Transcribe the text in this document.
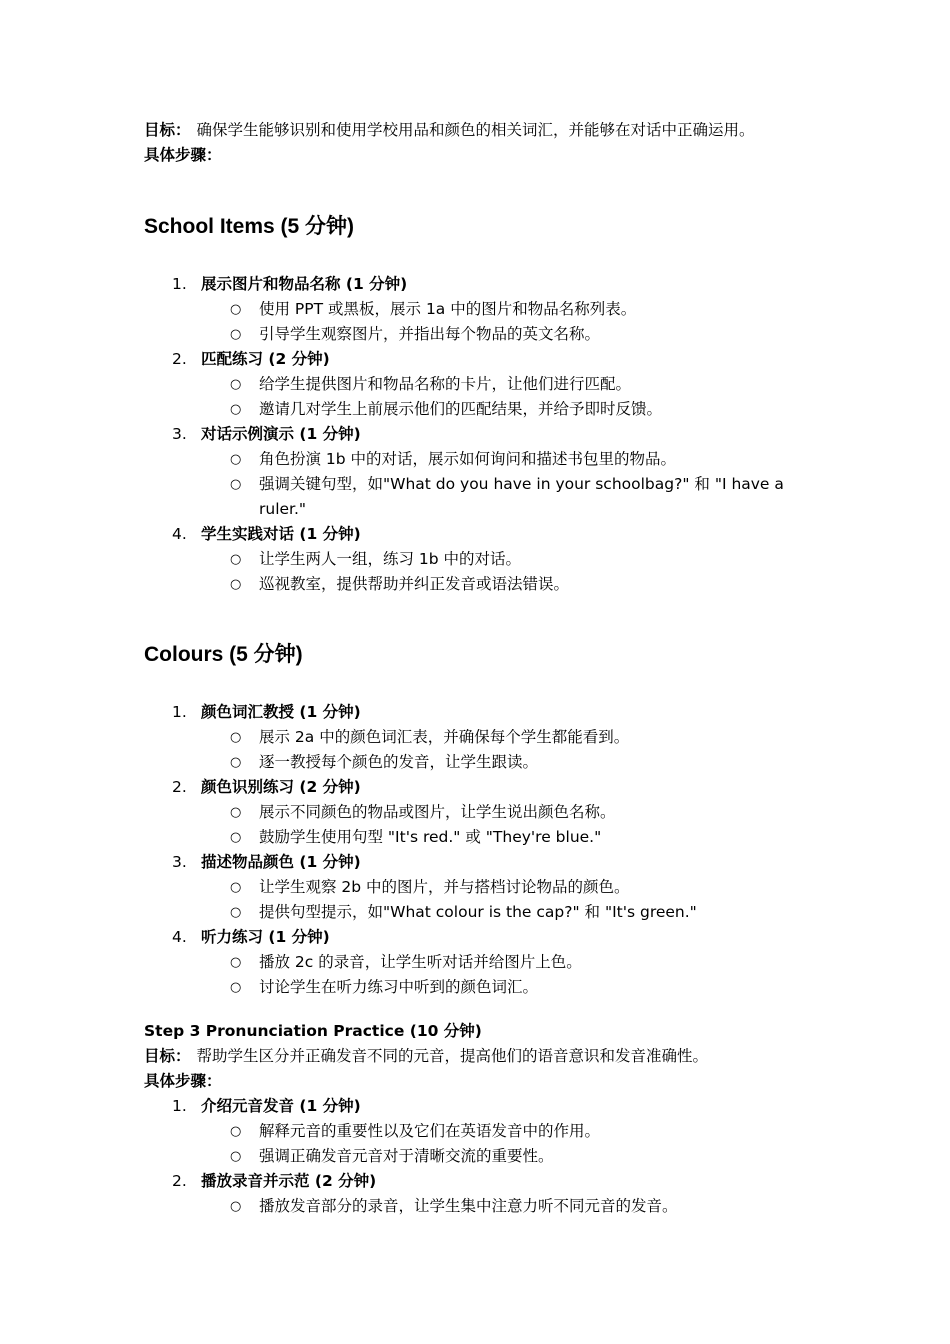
目标： 确保学生能够识别和使用学校用品和颜色的相关词汇，并能够在对话中正确运用。

具体步骤：

School Items (5 分钟)
1. 展示图片和物品名称 (1 分钟)
○ 使用 PPT 或黑板，展示 1a 中的图片和物品名称列表。
○ 引导学生观察图片，并指出每个物品的英文名称。
2. 匹配练习 (2 分钟)
○ 给学生提供图片和物品名称的卡片，让他们进行匹配。
○ 邀请几对学生上前展示他们的匹配结果，并给予即时反馈。
3. 对话示例演示 (1 分钟)
○ 角色扮演 1b 中的对话，展示如何询问和描述书包里的物品。
○ 强调关键句型，如"What do you have in your schoolbag?" 和 "I have a ruler."
4. 学生实践对话 (1 分钟)
○ 让学生两人一组，练习 1b 中的对话。
○ 巡视教室，提供帮助并纠正发音或语法错误。
Colours (5 分钟)
1. 颜色词汇教授 (1 分钟)
○ 展示 2a 中的颜色词汇表，并确保每个学生都能看到。
○ 逐一教授每个颜色的发音，让学生跟读。
2. 颜色识别练习 (2 分钟)
○ 展示不同颜色的物品或图片，让学生说出颜色名称。
○ 鼓励学生使用句型 "It's red." 或 "They're blue."
3. 描述物品颜色 (1 分钟)
○ 让学生观察 2b 中的图片，并与搭档讨论物品的颜色。
○ 提供句型提示，如"What colour is the cap?" 和 "It's green."
4. 听力练习 (1 分钟)
○ 播放 2c 的录音，让学生听对话并给图片上色。
○ 讨论学生在听力练习中听到的颜色词汇。

Step 3 Pronunciation Practice (10 分钟)

目标： 帮助学生区分并正确发音不同的元音，提高他们的语音意识和发音准确性。

具体步骤：

1. 介绍元音发音 (1 分钟)
○ 解释元音的重要性以及它们在英语发音中的作用。
○ 强调正确发音元音对于清晰交流的重要性。
2. 播放录音并示范 (2 分钟)
○ 播放发音部分的录音，让学生集中注意力听不同元音的发音。
